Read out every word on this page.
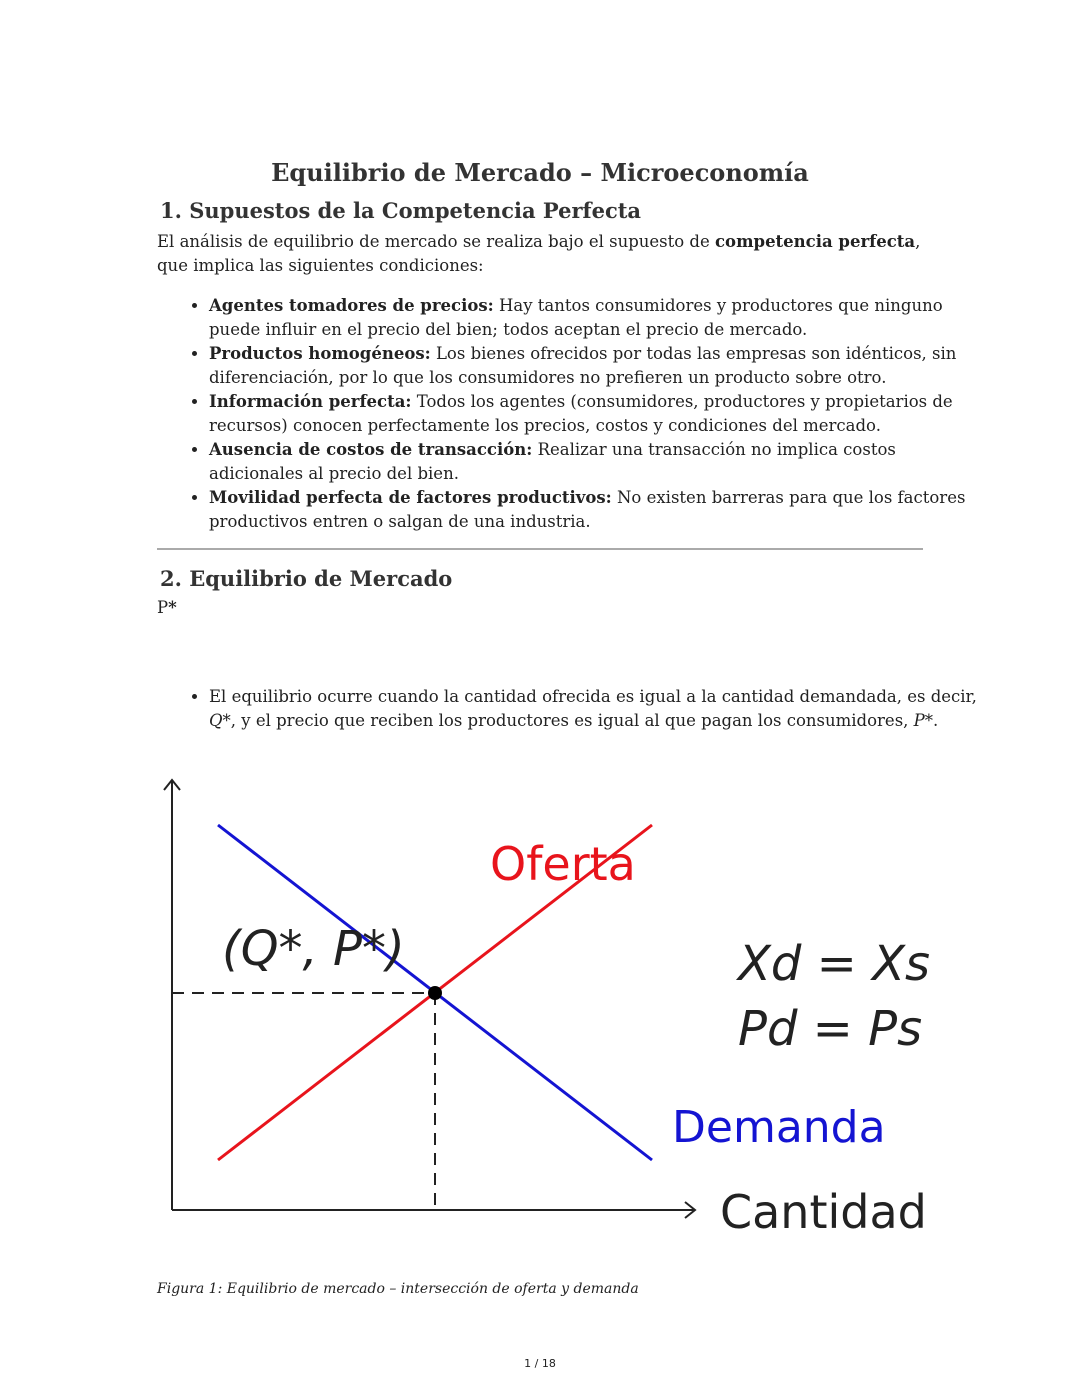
Equilibrio de Mercado – Microeconomía
1. Supuestos de la Competencia Perfecta
El análisis de equilibrio de mercado se realiza bajo el supuesto de competencia perfecta, que implica las siguientes condiciones:
• Agentes tomadores de precios: Hay tantos consumidores y productores que ninguno puede influir en el precio del bien; todos aceptan el precio de mercado.
• Productos homogéneos: Los bienes ofrecidos por todas las empresas son idénticos, sin diferenciación, por lo que los consumidores no prefieren un producto sobre otro.
• Información perfecta: Todos los agentes (consumidores, productores y propietarios de recursos) conocen perfectamente los precios, costos y condiciones del mercado.
• Ausencia de costos de transacción: Realizar una transacción no implica costos adicionales al precio del bien.
• Movilidad perfecta de factores productivos: No existen barreras para que los factores productivos entren o salgan de una industria.
2. Equilibrio de Mercado
P*
• El equilibrio ocurre cuando la cantidad ofrecida es igual a la cantidad demandada, es decir, Q*, y el precio que reciben los productores es igual al que pagan los consumidores, P*.
Oferta
(Q*, P*)	Xd = Xs
Pd = Ps
Demanda
Cantidad
Figura 1: Equilibrio de mercado – intersección de oferta y demanda
1 / 18
